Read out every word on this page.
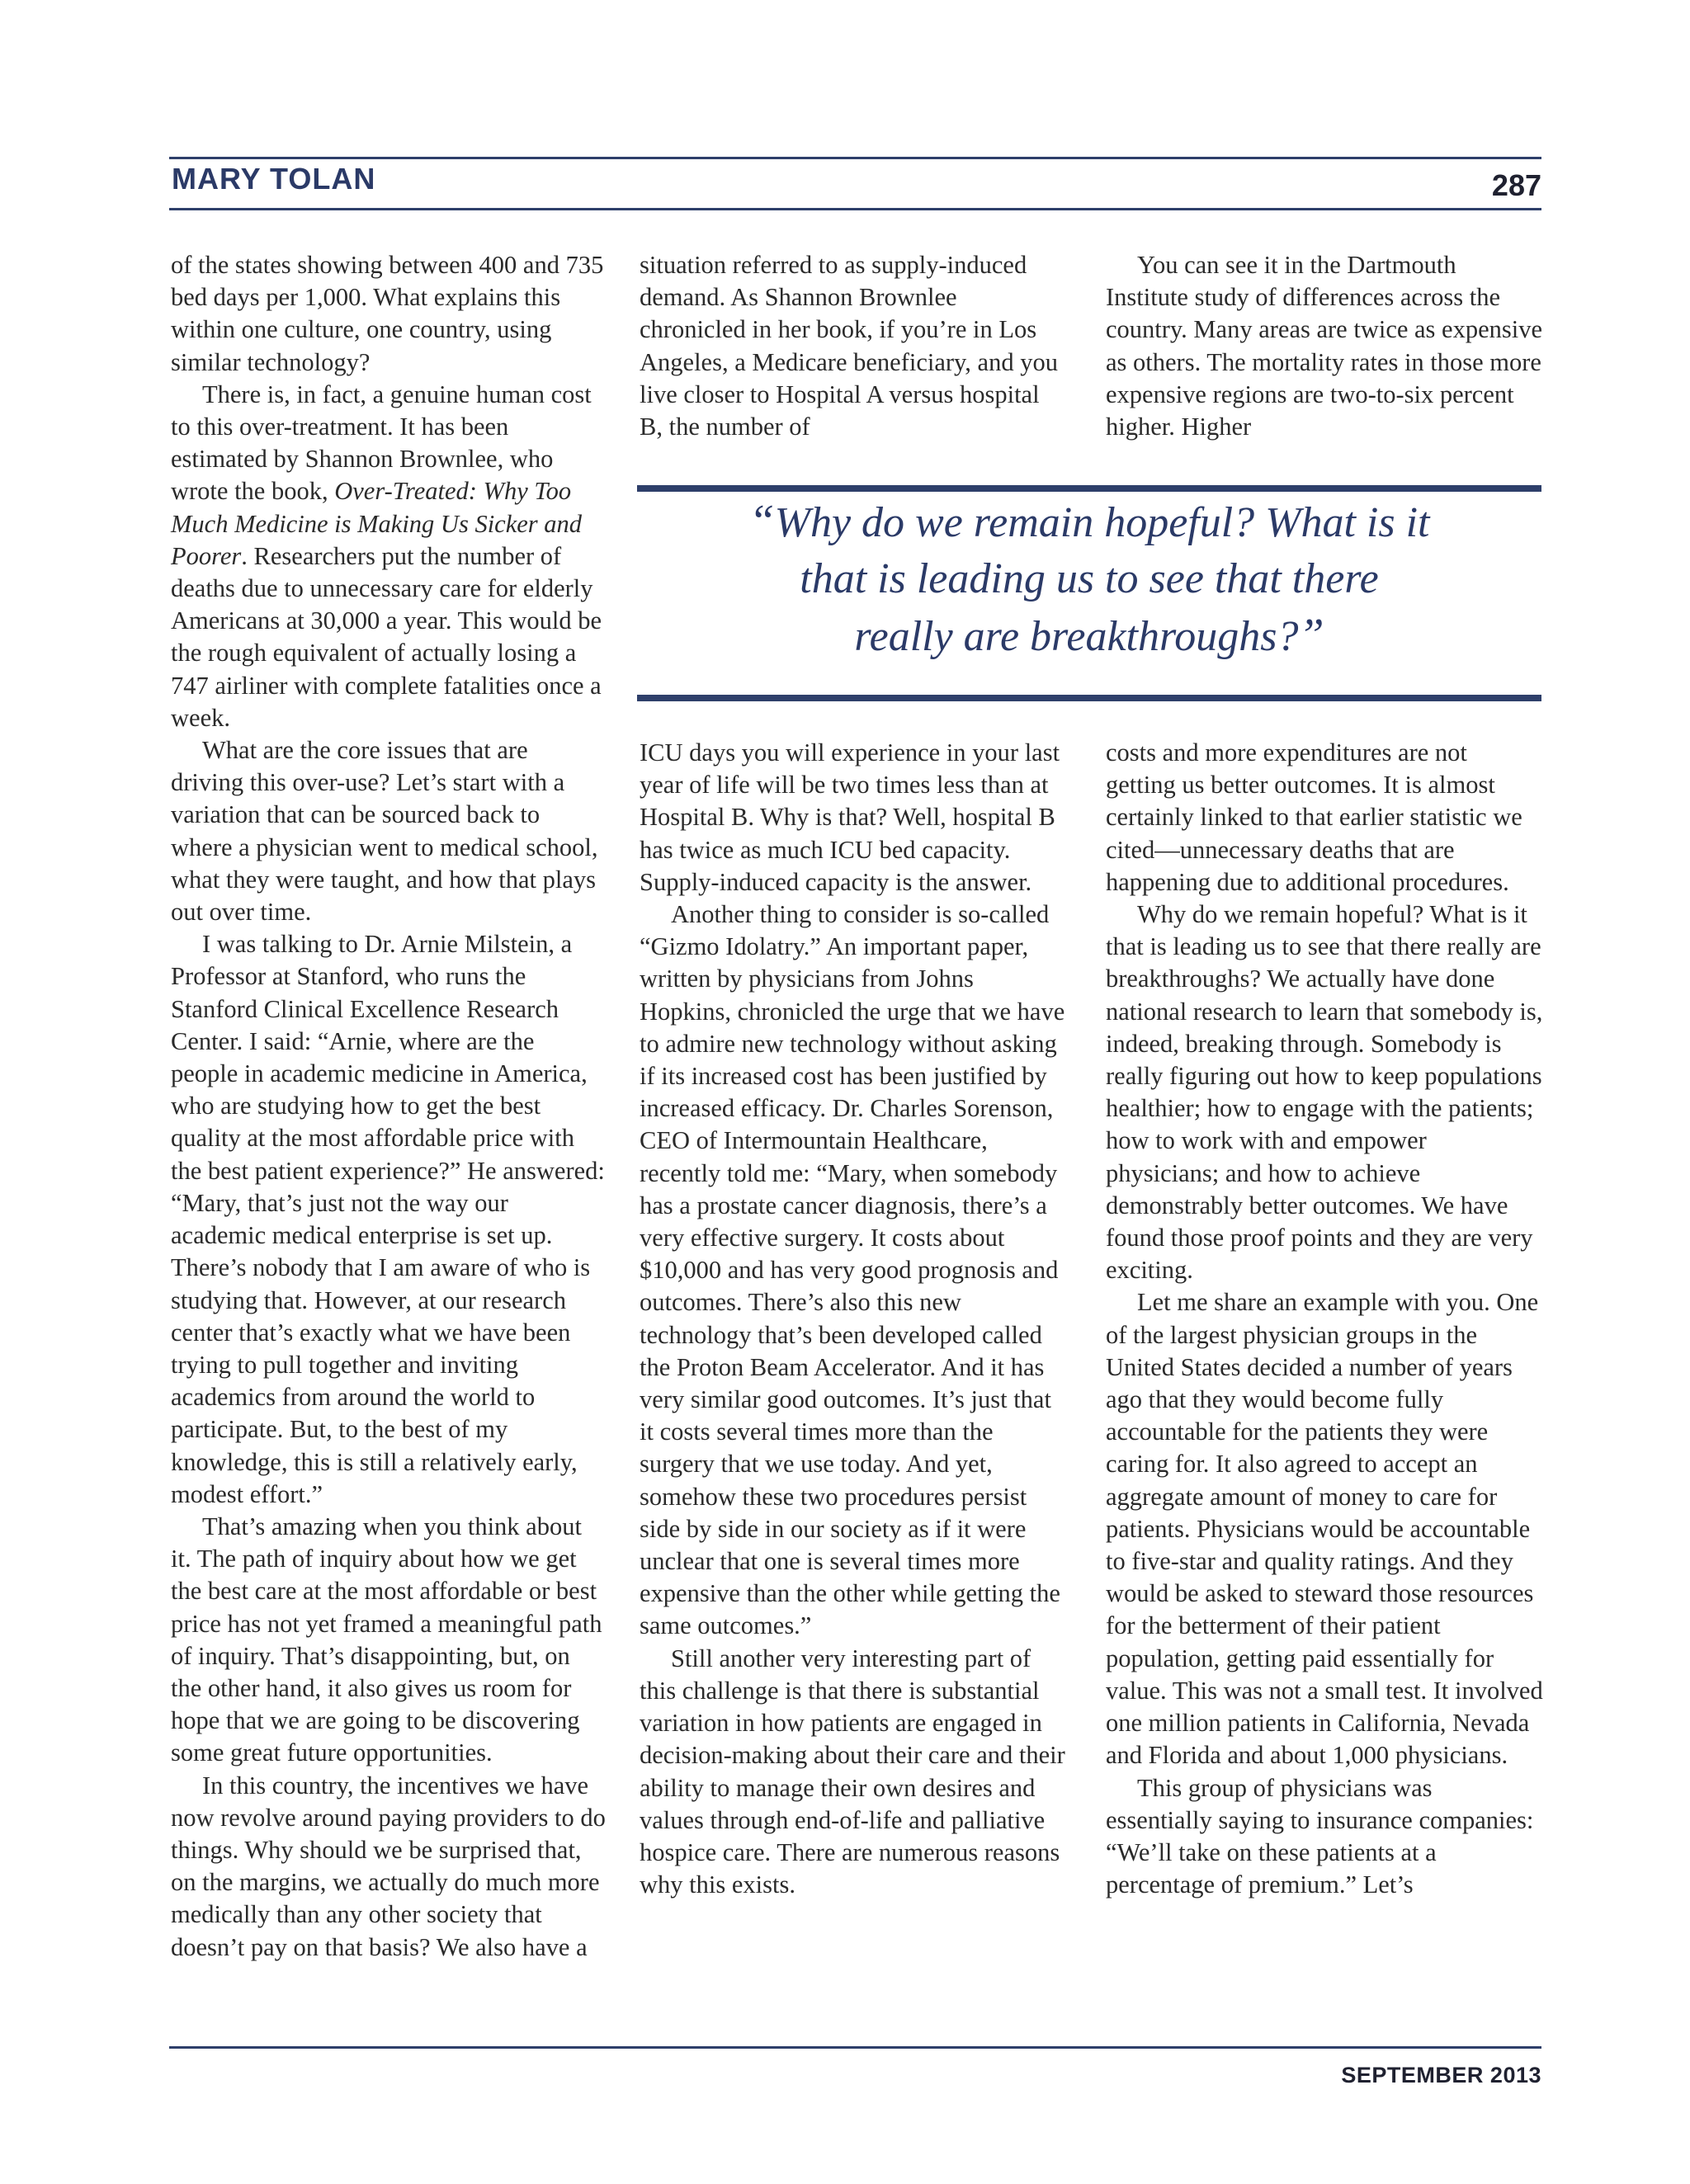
MARY TOLAN	287

of the states showing between 400 and 735 bed days per 1,000. What explains this within one culture, one country, using similar technology?

There is, in fact, a genuine human cost to this over-treatment. It has been estimated by Shannon Brownlee, who wrote the book, Over-Treated: Why Too Much Medicine is Making Us Sicker and Poorer. Researchers put the number of deaths due to unnecessary care for elderly Americans at 30,000 a year. This would be the rough equivalent of actually losing a 747 airliner with complete fatalities once a week.

What are the core issues that are driving this over-use? Let’s start with a variation that can be sourced back to where a physician went to medical school, what they were taught, and how that plays out over time.

I was talking to Dr. Arnie Milstein, a Professor at Stanford, who runs the Stanford Clinical Excellence Research Center. I said: “Arnie, where are the people in academic medicine in America, who are studying how to get the best quality at the most affordable price with the best patient experience?” He answered: “Mary, that’s just not the way our academic medical enterprise is set up. There’s nobody that I am aware of who is studying that. However, at our research center that’s exactly what we have been trying to pull together and inviting academics from around the world to participate. But, to the best of my knowledge, this is still a relatively early, modest effort.”

That’s amazing when you think about it. The path of inquiry about how we get the best care at the most affordable or best price has not yet framed a meaningful path of inquiry. That’s disappointing, but, on the other hand, it also gives us room for hope that we are going to be discovering some great future opportunities.

In this country, the incentives we have now revolve around paying providers to do things. Why should we be surprised that, on the margins, we actually do much more medically than any other society that doesn’t pay on that basis? We also have a

situation referred to as supply-induced demand. As Shannon Brownlee chronicled in her book, if you’re in Los Angeles, a Medicare beneficiary, and you live closer to Hospital A versus hospital B, the number of

You can see it in the Dartmouth Institute study of differences across the country. Many areas are twice as expensive as others. The mortality rates in those more expensive regions are two-to-six percent higher. Higher

“Why do we remain hopeful? What is it
that is leading us to see that there
really are breakthroughs?”

ICU days you will experience in your last year of life will be two times less than at Hospital B. Why is that? Well, hospital B has twice as much ICU bed capacity. Supply-induced capacity is the answer.

Another thing to consider is so-called “Gizmo Idolatry.” An important paper, written by physicians from Johns Hopkins, chronicled the urge that we have to admire new technology without asking if its increased cost has been justified by increased efficacy. Dr. Charles Sorenson, CEO of Intermountain Healthcare, recently told me: “Mary, when somebody has a prostate cancer diagnosis, there’s a very effective surgery. It costs about $10,000 and has very good prognosis and outcomes. There’s also this new technology that’s been developed called the Proton Beam Accelerator. And it has very similar good outcomes. It’s just that it costs several times more than the surgery that we use today. And yet, somehow these two procedures persist side by side in our society as if it were unclear that one is several times more expensive than the other while getting the same outcomes.”

Still another very interesting part of this challenge is that there is substantial variation in how patients are engaged in decision-making about their care and their ability to manage their own desires and values through end-of-life and palliative hospice care. There are numerous reasons why this exists.

costs and more expenditures are not getting us better outcomes. It is almost certainly linked to that earlier statistic we cited—unnecessary deaths that are happening due to additional procedures.

Why do we remain hopeful? What is it that is leading us to see that there really are breakthroughs? We actually have done national research to learn that somebody is, indeed, breaking through. Somebody is really figuring out how to keep populations healthier; how to engage with the patients; how to work with and empower physicians; and how to achieve demonstrably better outcomes. We have found those proof points and they are very exciting.

Let me share an example with you. One of the largest physician groups in the United States decided a number of years ago that they would become fully accountable for the patients they were caring for. It also agreed to accept an aggregate amount of money to care for patients. Physicians would be accountable to five-star and quality ratings. And they would be asked to steward those resources for the betterment of their patient population, getting paid essentially for value. This was not a small test. It involved one million patients in California, Nevada and Florida and about 1,000 physicians.

This group of physicians was essentially saying to insurance companies: “We’ll take on these patients at a percentage of premium.” Let’s

SEPTEMBER 2013
